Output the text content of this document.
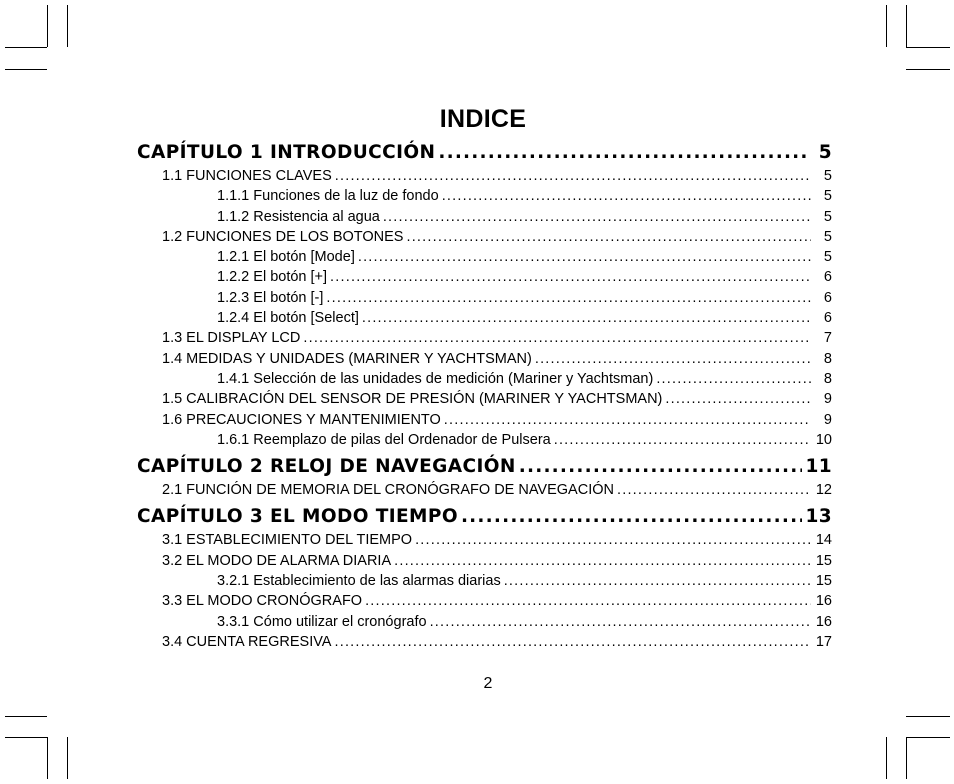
INDICE
CAPÍTULO 1 INTRODUCCIÓN .....	5
1.1 FUNCIONES CLAVES .....	5
1.1.1 Funciones de la luz de fondo .....	5
1.1.2 Resistencia al agua .....	5
1.2 FUNCIONES DE LOS BOTONES .....	5
1.2.1 El botón [Mode] .....	5
1.2.2 El botón [+] .....	6
1.2.3 El botón [-] .....	6
1.2.4 El botón [Select] .....	6
1.3 EL DISPLAY LCD .....	7
1.4 MEDIDAS Y UNIDADES (MARINER Y YACHTSMAN) .....	8
1.4.1 Selección de las unidades de medición (Mariner y Yachtsman) .....	8
1.5 CALIBRACIÓN DEL SENSOR DE PRESIÓN (MARINER Y YACHTSMAN) .....	9
1.6 PRECAUCIONES Y MANTENIMIENTO .....	9
1.6.1 Reemplazo de pilas del Ordenador de Pulsera .....	10
CAPÍTULO 2 RELOJ DE NAVEGACIÓN .....	11
2.1 FUNCIÓN DE MEMORIA DEL CRONÓGRAFO DE NAVEGACIÓN .....	12
CAPÍTULO 3 EL MODO TIEMPO .....	13
3.1 ESTABLECIMIENTO DEL TIEMPO .....	14
3.2 EL MODO DE ALARMA DIARIA .....	15
3.2.1 Establecimiento de las alarmas diarias .....	15
3.3 EL MODO CRONÓGRAFO .....	16
3.3.1 Cómo utilizar el cronógrafo .....	16
3.4 CUENTA REGRESIVA .....	17
2
